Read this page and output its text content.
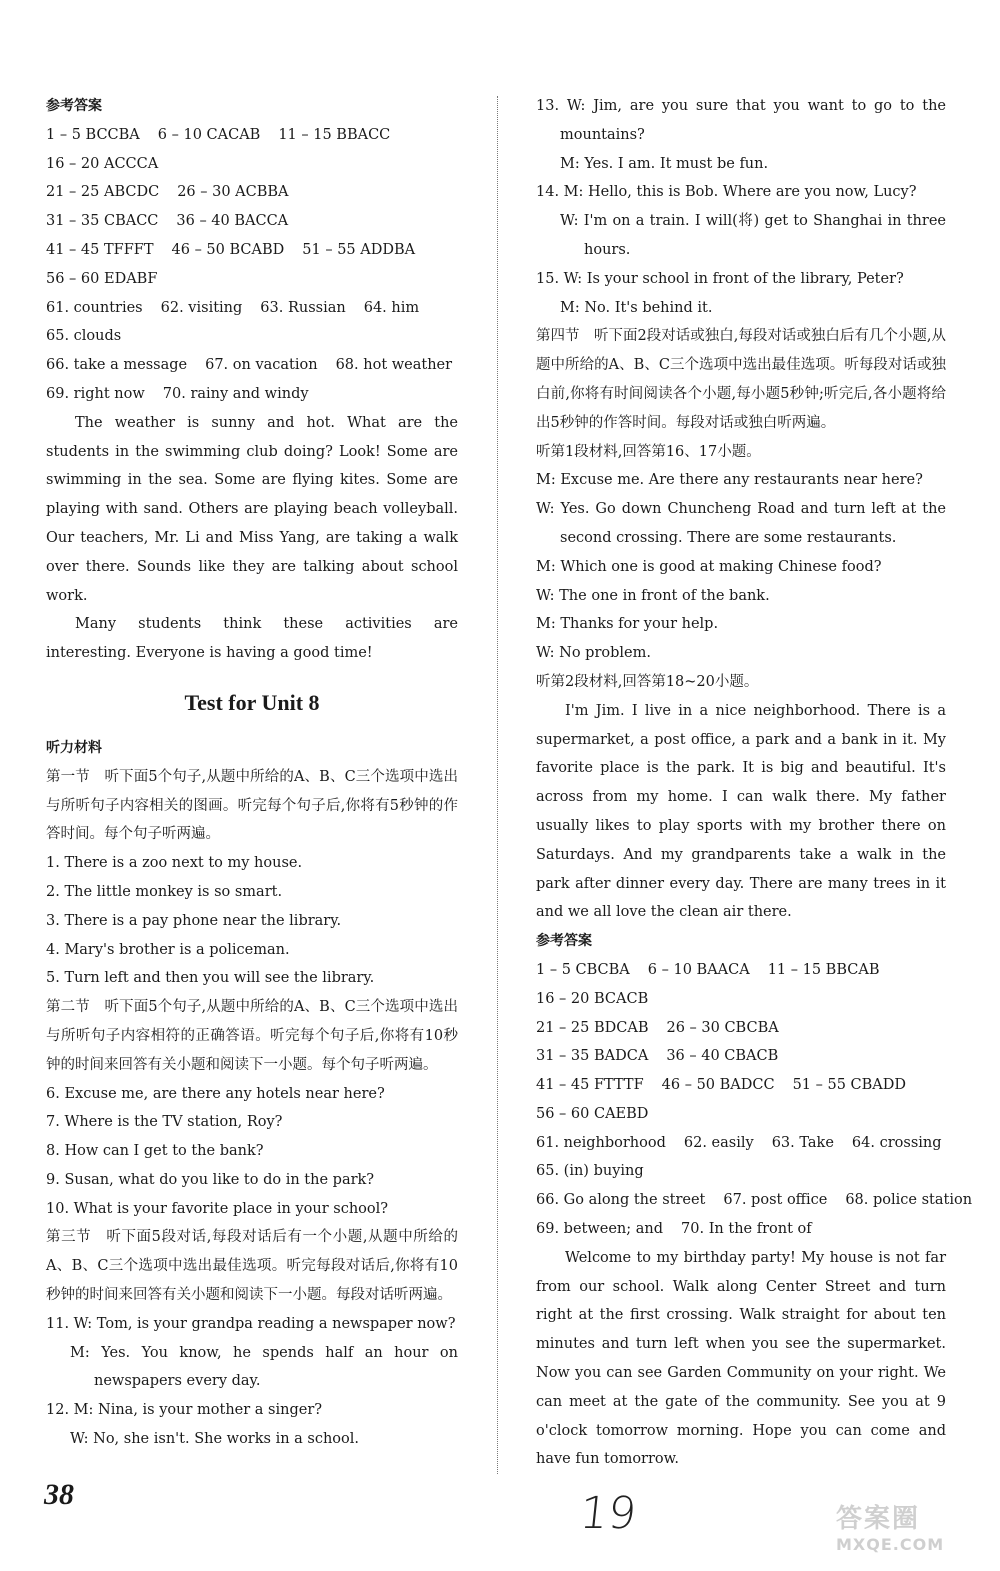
参考答案
1 – 5 BCCBA 6 – 10 CACAB 11 – 15 BBACC
16 – 20 ACCCA
21 – 25 ABCDC 26 – 30 ACBBA
31 – 35 CBACC 36 – 40 BACCA
41 – 45 TFFFT 46 – 50 BCABD 51 – 55 ADDBA
56 – 60 EDABF
61. countries 62. visiting 63. Russian 64. him
65. clouds
66. take a message 67. on vacation 68. hot weather
69. right now 70. rainy and windy
The weather is sunny and hot. What are the students in the swimming club doing? Look! Some are swimming in the sea. Some are flying kites. Some are playing with sand. Others are playing beach volleyball. Our teachers, Mr. Li and Miss Yang, are taking a walk over there. Sounds like they are talking about school work.
Many students think these activities are interesting. Everyone is having a good time!
Test for Unit 8
听力材料
第一节　听下面5个句子,从题中所给的A、B、C三个选项中选出与所听句子内容相关的图画。听完每个句子后,你将有5秒钟的作答时间。每个句子听两遍。
1. There is a zoo next to my house.
2. The little monkey is so smart.
3. There is a pay phone near the library.
4. Mary's brother is a policeman.
5. Turn left and then you will see the library.
第二节　听下面5个句子,从题中所给的A、B、C三个选项中选出与所听句子内容相符的正确答语。听完每个句子后,你将有10秒钟的时间来回答有关小题和阅读下一小题。每个句子听两遍。
6. Excuse me, are there any hotels near here?
7. Where is the TV station, Roy?
8. How can I get to the bank?
9. Susan, what do you like to do in the park?
10. What is your favorite place in your school?
第三节　听下面5段对话,每段对话后有一个小题,从题中所给的A、B、C三个选项中选出最佳选项。听完每段对话后,你将有10秒钟的时间来回答有关小题和阅读下一小题。每段对话听两遍。
11. W: Tom, is your grandpa reading a newspaper now?
M: Yes. You know, he spends half an hour on newspapers every day.
12. M: Nina, is your mother a singer?
W: No, she isn't. She works in a school.
13. W: Jim, are you sure that you want to go to the mountains?
M: Yes. I am. It must be fun.
14. M: Hello, this is Bob. Where are you now, Lucy?
W: I'm on a train. I will(将) get to Shanghai in three hours.
15. W: Is your school in front of the library, Peter?
M: No. It's behind it.
第四节　听下面2段对话或独白,每段对话或独白后有几个小题,从题中所给的A、B、C三个选项中选出最佳选项。听每段对话或独白前,你将有时间阅读各个小题,每小题5秒钟;听完后,各小题将给出5秒钟的作答时间。每段对话或独白听两遍。
听第1段材料,回答第16、17小题。
M: Excuse me. Are there any restaurants near here?
W: Yes. Go down Chuncheng Road and turn left at the second crossing. There are some restaurants.
M: Which one is good at making Chinese food?
W: The one in front of the bank.
M: Thanks for your help.
W: No problem.
听第2段材料,回答第18~20小题。
I'm Jim. I live in a nice neighborhood. There is a supermarket, a post office, a park and a bank in it. My favorite place is the park. It is big and beautiful. It's across from my home. I can walk there. My father usually likes to play sports with my brother there on Saturdays. And my grandparents take a walk in the park after dinner every day. There are many trees in it and we all love the clean air there.
参考答案
1 – 5 CBCBA 6 – 10 BAACA 11 – 15 BBCAB
16 – 20 BCACB
21 – 25 BDCAB 26 – 30 CBCBA
31 – 35 BADCA 36 – 40 CBACB
41 – 45 FTTTF 46 – 50 BADCC 51 – 55 CBADD
56 – 60 CAEBD
61. neighborhood 62. easily 63. Take 64. crossing
65. (in) buying
66. Go along the street 67. post office 68. police station
69. between; and 70. In the front of
Welcome to my birthday party! My house is not far from our school. Walk along Center Street and turn right at the first crossing. Walk straight for about ten minutes and turn left when you see the supermarket. Now you can see Garden Community on your right. We can meet at the gate of the community. See you at 9 o'clock tomorrow morning. Hope you can come and have fun tomorrow.
38	19	答案圈
MXQE.COM
